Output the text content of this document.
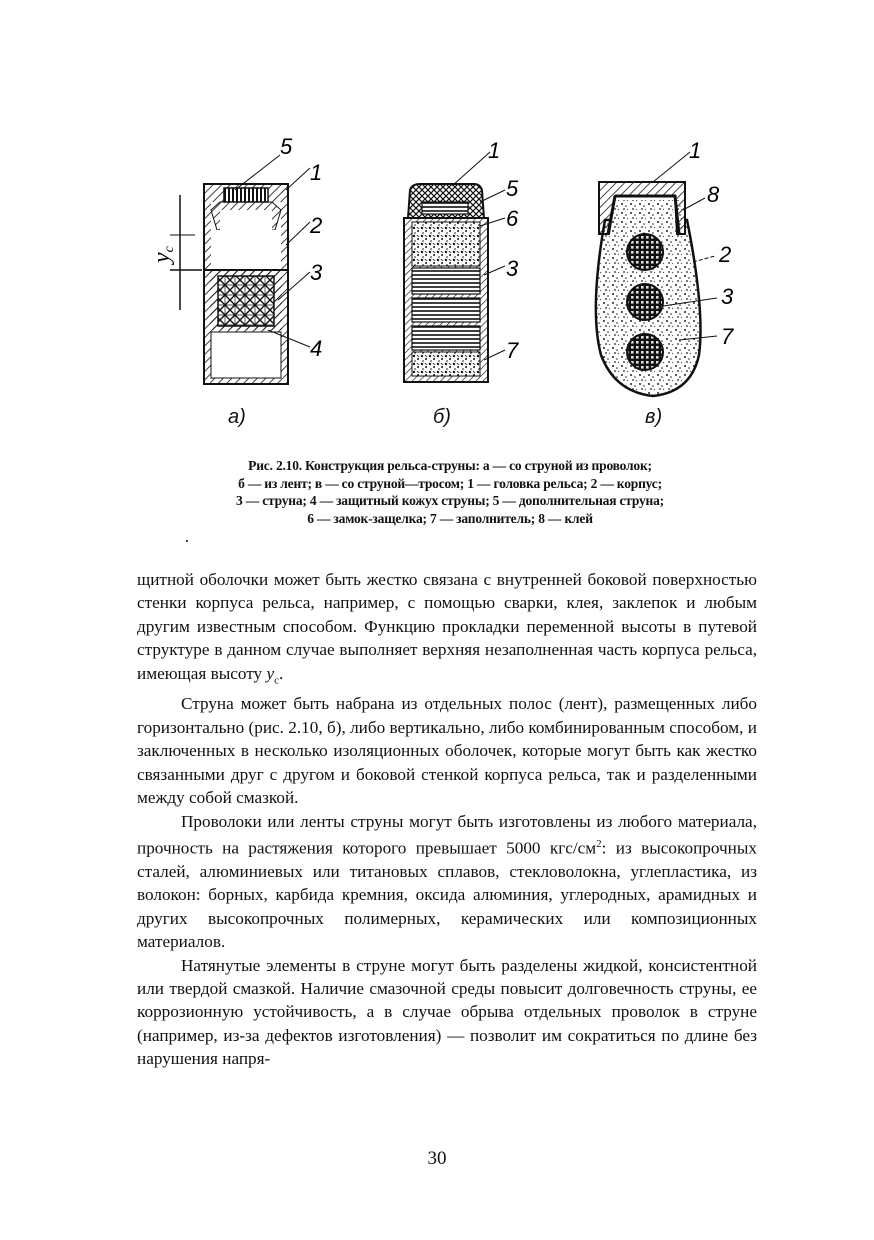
yc
5
1
2
3
4
а)
1
5
6
3
7
б)
1
8
2
3
7
в)
Рис. 2.10. Конструкция рельса-струны: а — со струной из проволок;
б — из лент; в — со струной—тросом; 1 — головка рельса; 2 — корпус;
3 — струна; 4 — защитный кожух струны; 5 — дополнительная струна;
6 — замок-защелка; 7 — заполнитель; 8 — клей

щитной оболочки может быть жестко связана с внутренней боковой поверхностью стенки корпуса рельса, например, с помощью сварки, клея, заклепок и любым другим известным способом. Функцию прокладки переменной высоты в путевой структуре в данном случае выполняет верхняя незаполненная часть корпуса рельса, имеющая высоту $y_c$.

Струна может быть набрана из отдельных полос (лент), размещенных либо горизонтально (рис. 2.10, б), либо вертикально, либо комбинированным способом, и заключенных в несколько изоляционных оболочек, которые могут быть как жестко связанными друг с другом и боковой стенкой корпуса рельса, так и разделенными между собой смазкой.

Проволоки или ленты струны могут быть изготовлены из любого материала, прочность на растяжения которого превышает 5000 кгс/$см^2$: из высокопрочных сталей, алюминиевых или титановых сплавов, стекловолокна, углепластика, из волокон: борных, карбида кремния, оксида алюминия, углеродных, арамидных и других высокопрочных полимерных, керамических или композиционных материалов.

Натянутые элементы в струне могут быть разделены жидкой, консистентной или твердой смазкой. Наличие смазочной среды повысит долговечность струны, ее коррозионную устойчивость, а в случае обрыва отдельных проволок в струне (например, из-за дефектов изготовления) — позволит им сократиться по длине без нарушения напря-

30
